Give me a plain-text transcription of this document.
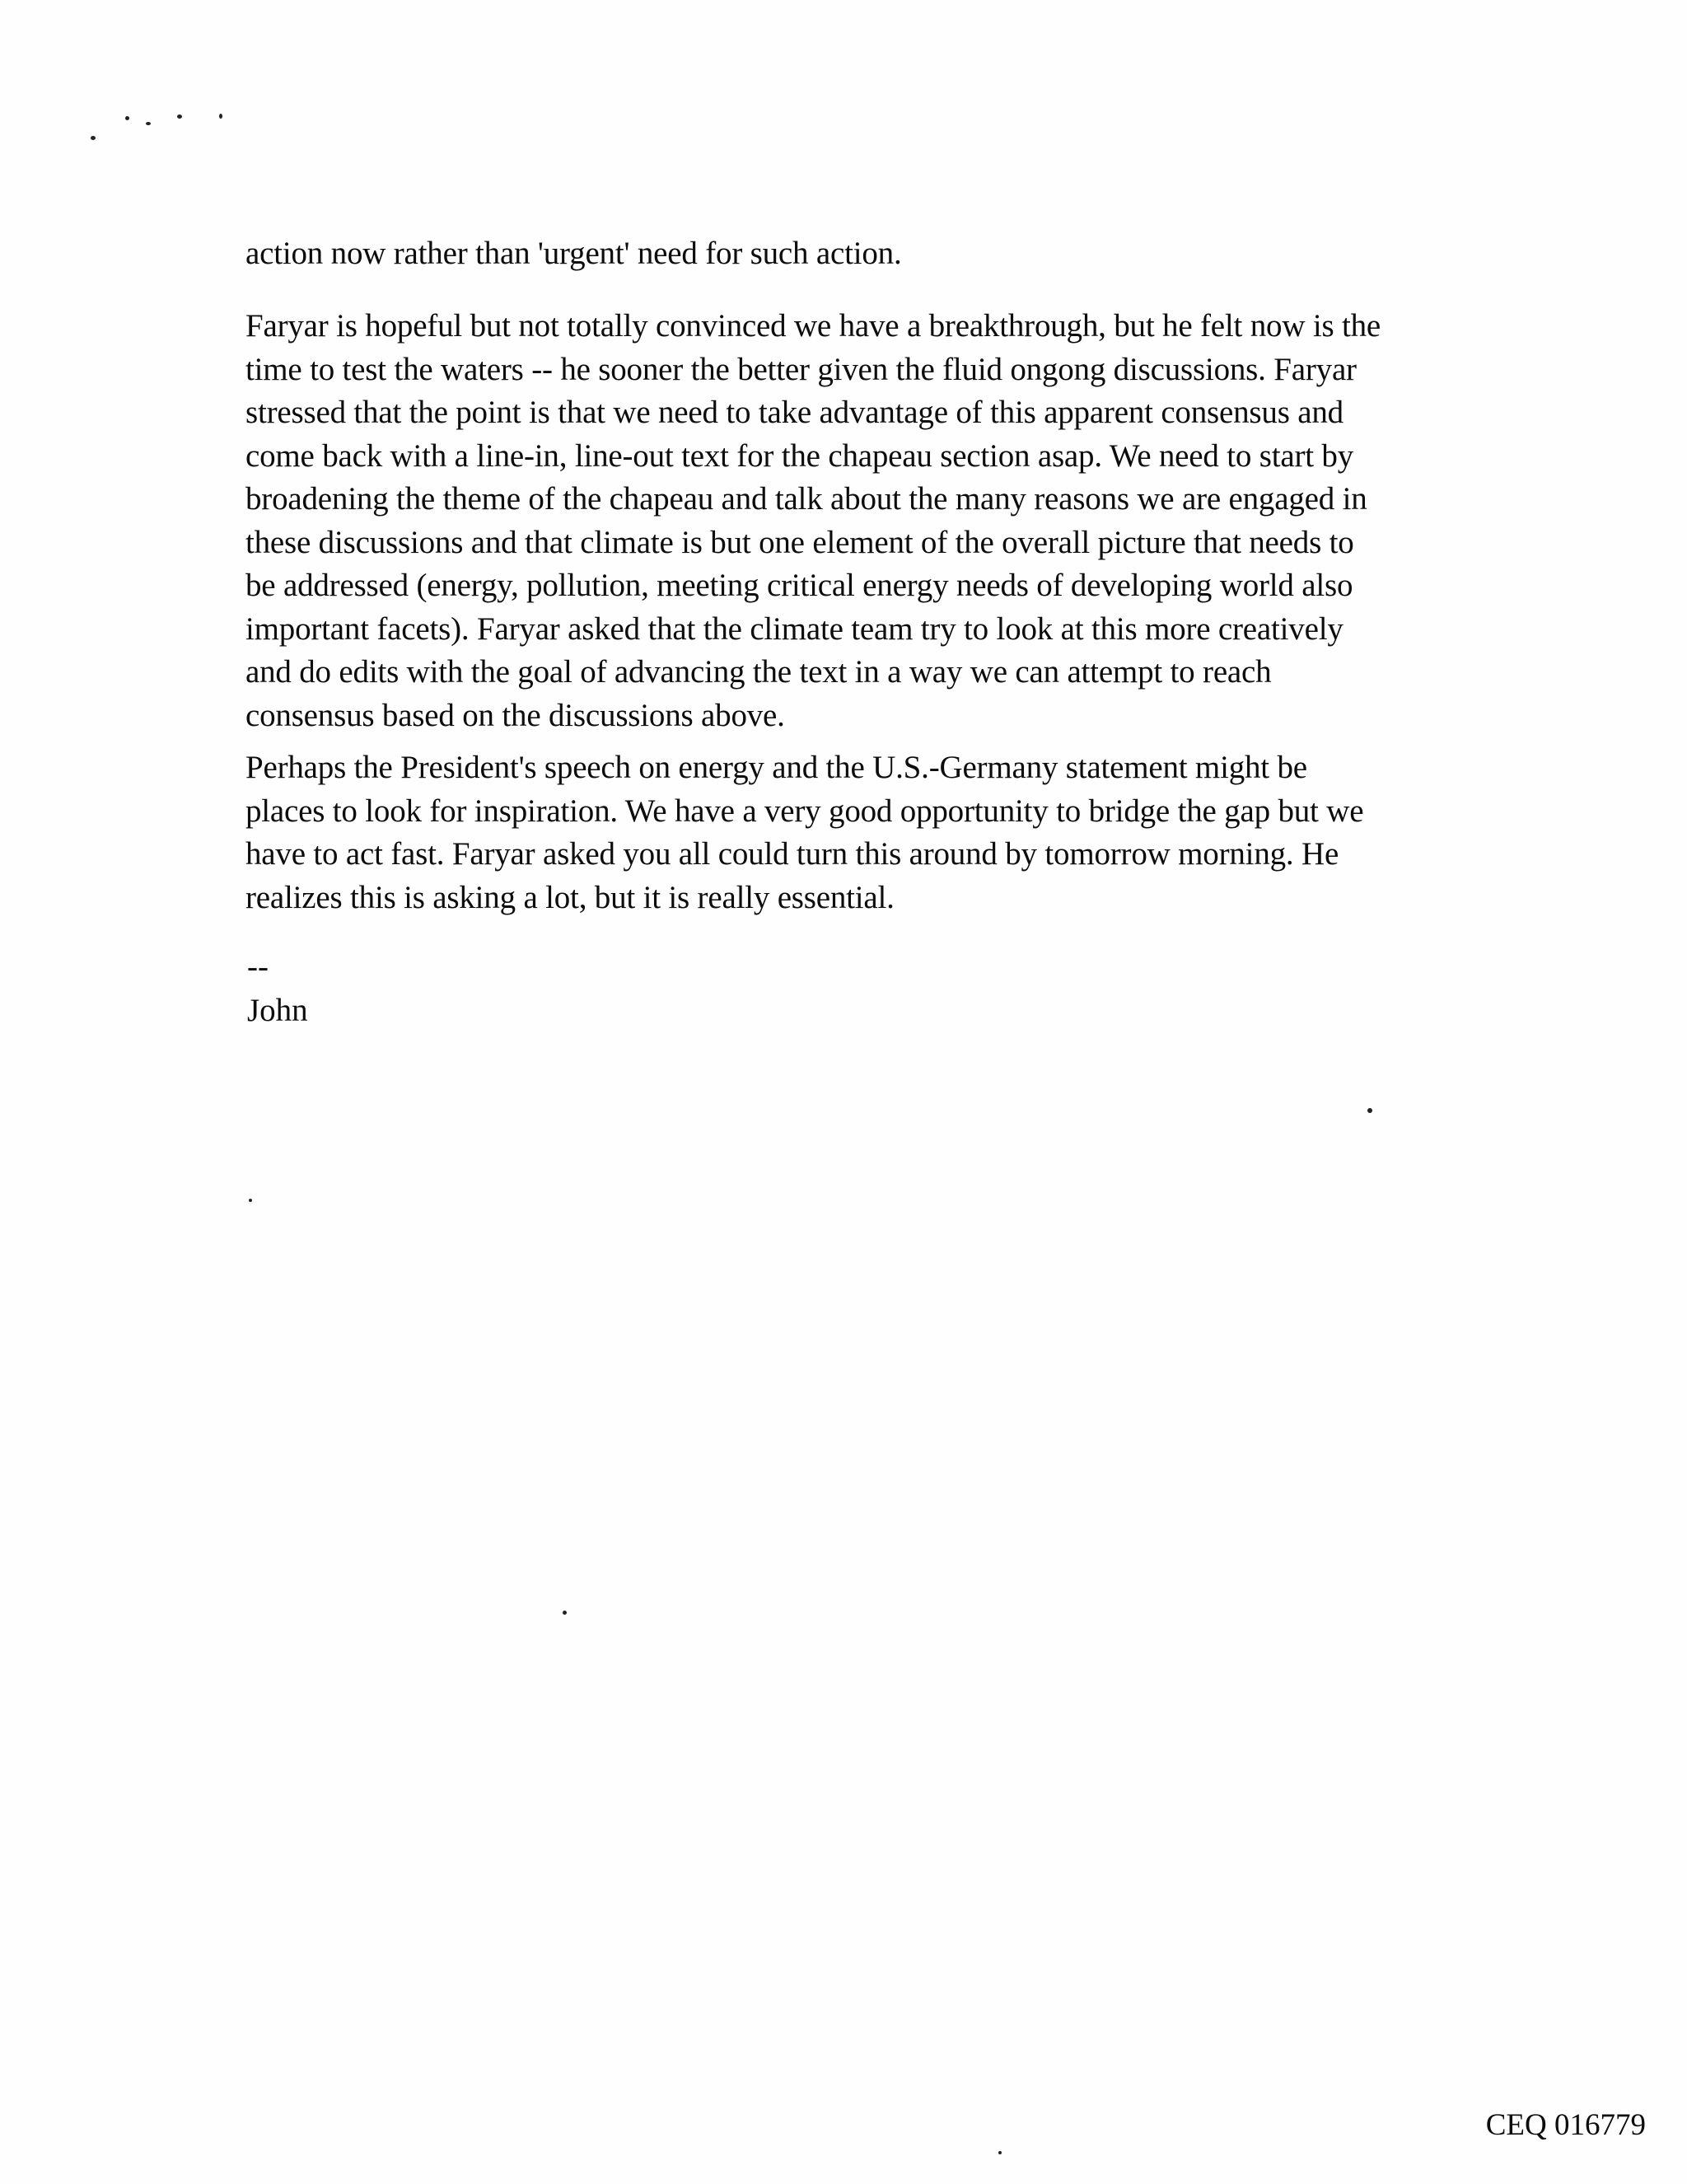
action now rather than 'urgent' need for such action.

Faryar is hopeful but not totally convinced we have a breakthrough, but he felt now is the
time to test the waters -- he sooner the better given the fluid ongong discussions. Faryar
stressed that the point is that we need to take advantage of this apparent consensus and
come back with a line-in, line-out text for the chapeau section asap. We need to start by
broadening the theme of the chapeau and talk about the many reasons we are engaged in
these discussions and that climate is but one element of the overall picture that needs to
be addressed (energy, pollution, meeting critical energy needs of developing world also
important facets). Faryar asked that the climate team try to look at this more creatively
and do edits with the goal of advancing the text in a way we can attempt to reach
consensus based on the discussions above.

Perhaps the President's speech on energy and the U.S.-Germany statement might be
places to look for inspiration. We have a very good opportunity to bridge the gap but we
have to act fast. Faryar asked you all could turn this around by tomorrow morning. He
realizes this is asking a lot, but it is really essential.

--

John

CEQ 016779
